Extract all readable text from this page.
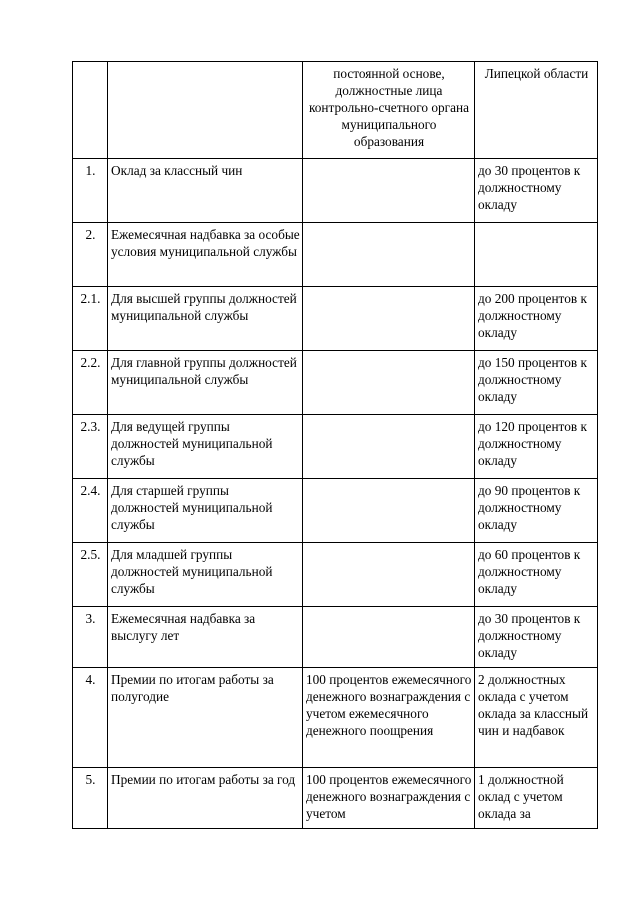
		постоянной основе, должностные лица контрольно-счетного органа муниципального образования	Липецкой области
1.	Оклад за классный чин		до 30 процентов к должностному окладу
2.	Ежемесячная надбавка за особые условия муниципальной службы		
2.1.	Для высшей группы должностей муниципальной службы		до 200 процентов к должностному окладу
2.2.	Для главной группы должностей муниципальной службы		до 150 процентов к должностному окладу
2.3.	Для ведущей группы должностей муниципальной службы		до 120 процентов к должностному окладу
2.4.	Для старшей группы должностей муниципальной службы		до 90 процентов к должностному окладу
2.5.	Для младшей группы должностей муниципальной службы		до 60 процентов к должностному окладу
3.	Ежемесячная надбавка за выслугу лет		до 30 процентов к должностному окладу
4.	Премии по итогам работы за полугодие	100 процентов ежемесячного денежного вознаграждения с учетом ежемесячного денежного поощрения	2 должностных оклада с учетом оклада за классный чин и надбавок
5.	Премии по итогам работы за год	100 процентов ежемесячного денежного вознаграждения с учетом	1 должностной оклад с учетом оклада за
